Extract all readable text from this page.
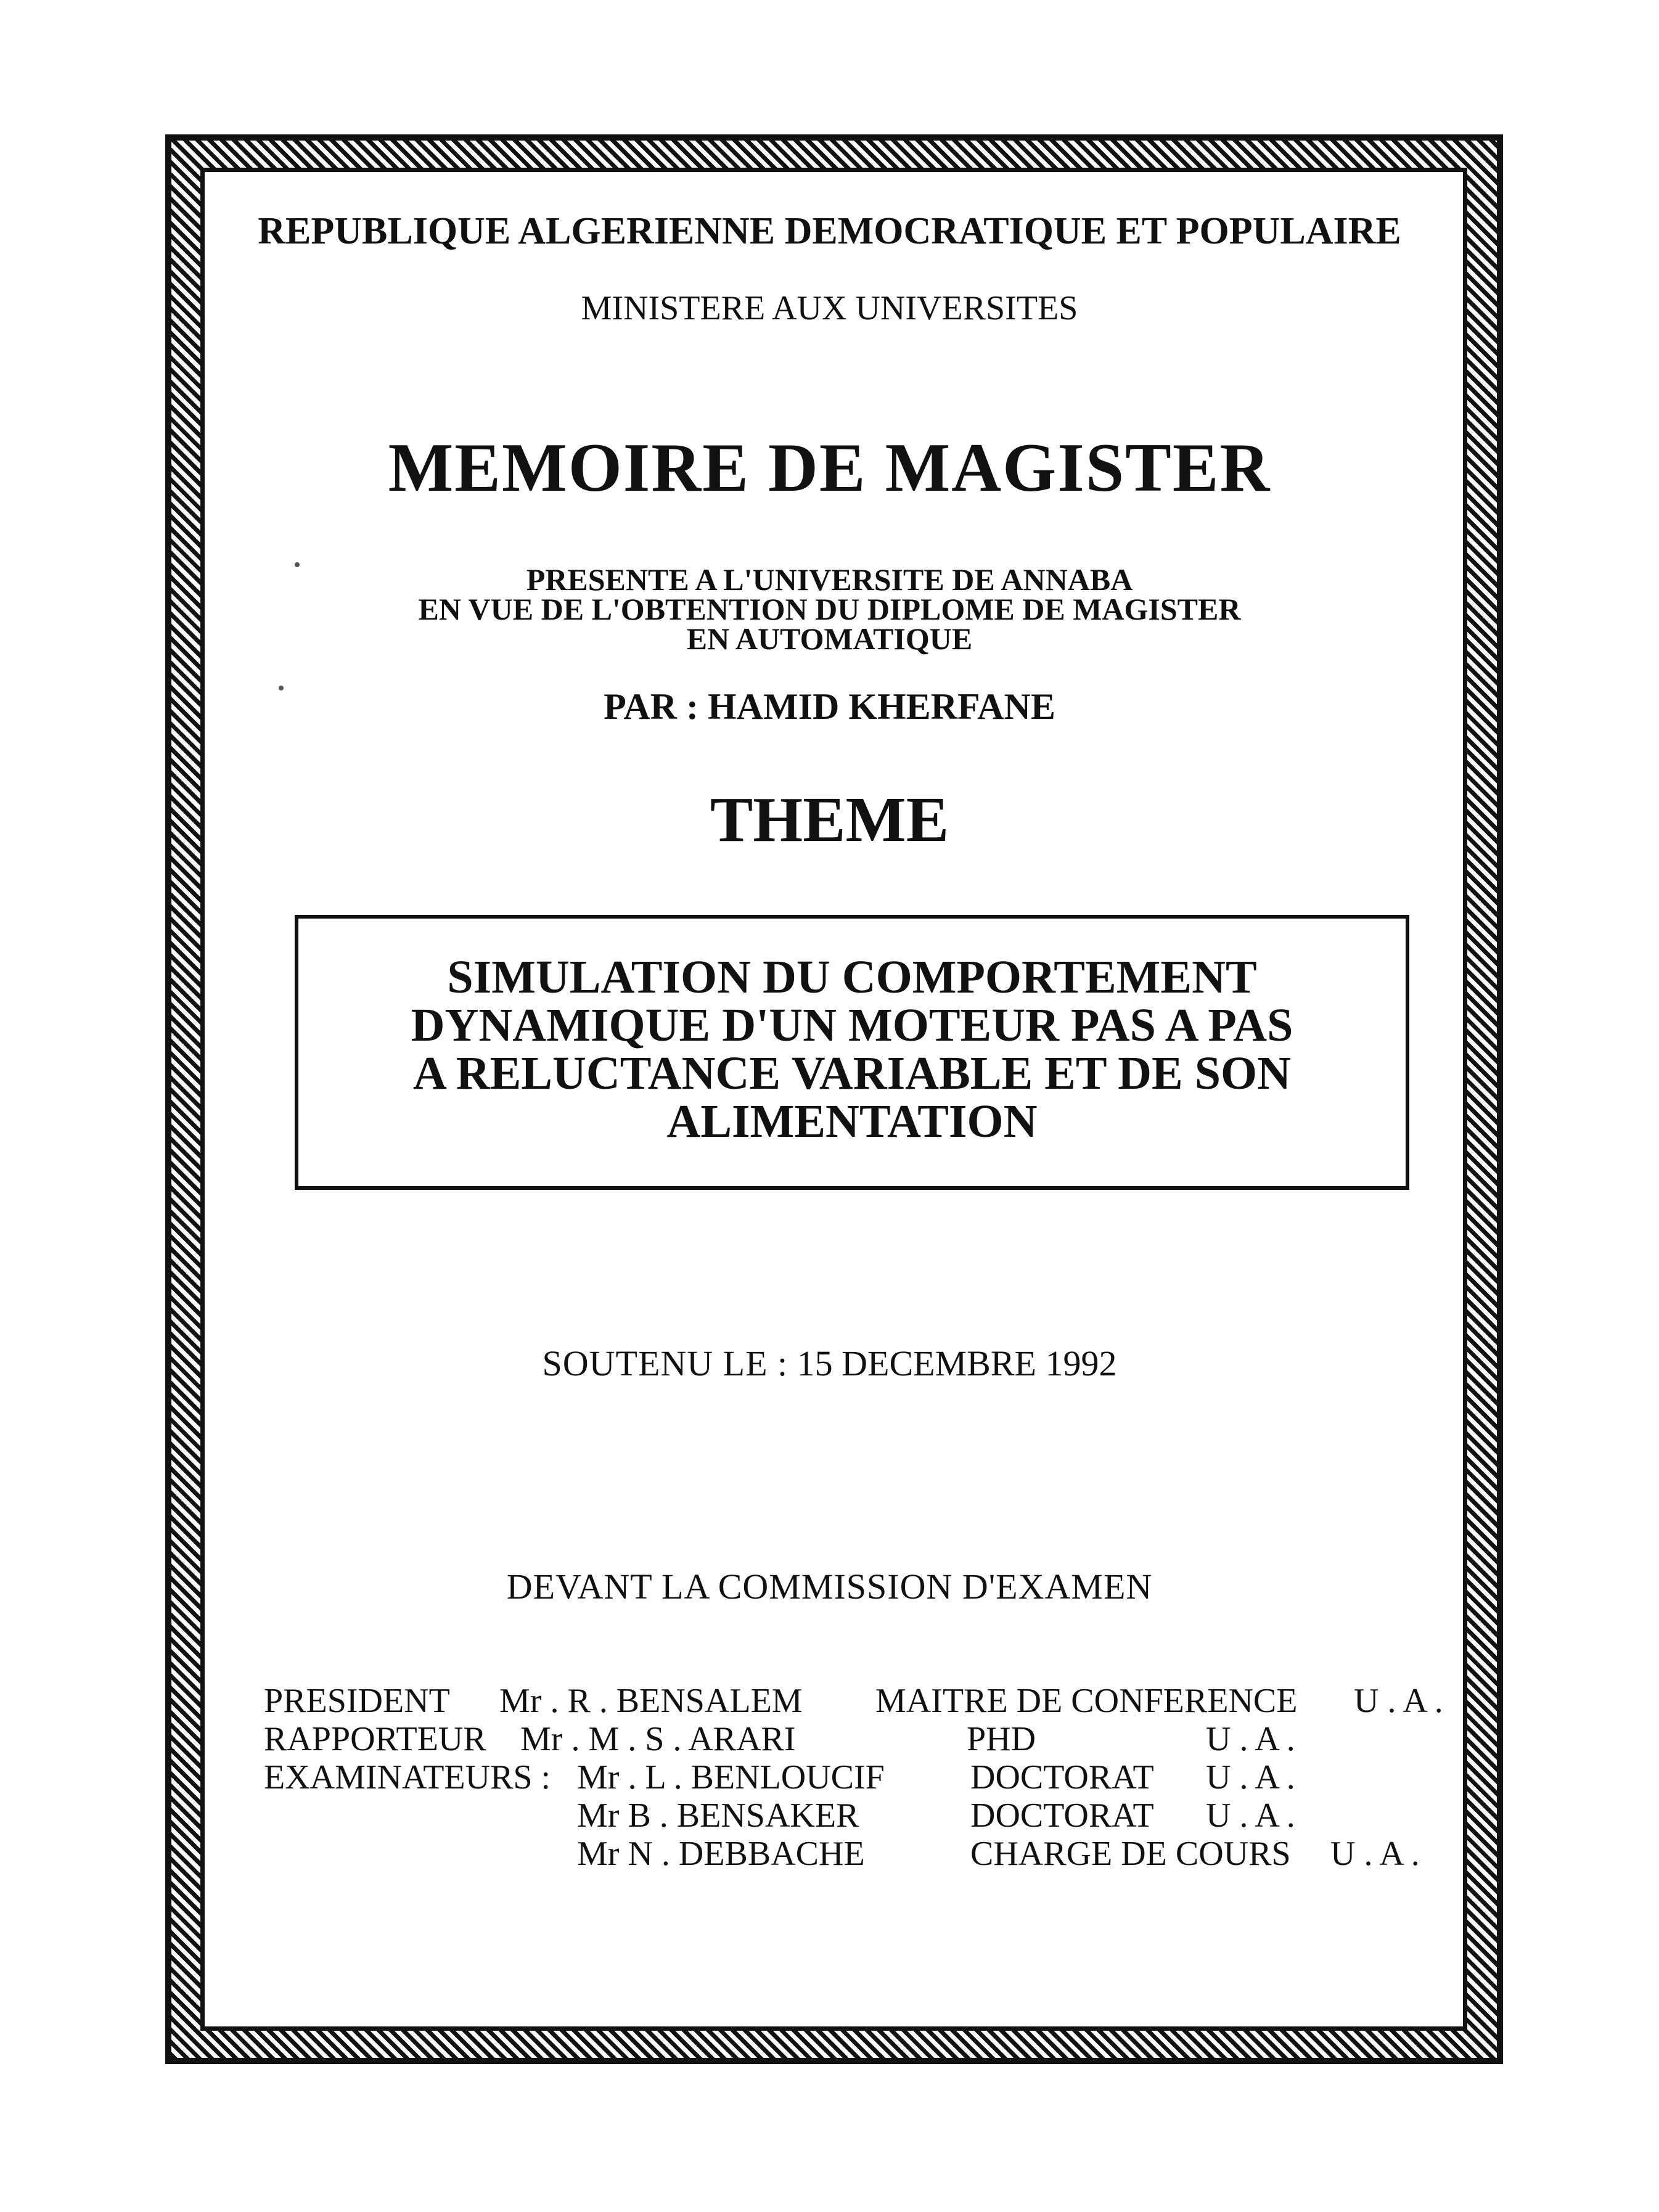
REPUBLIQUE ALGERIENNE DEMOCRATIQUE ET POPULAIRE

MINISTERE AUX UNIVERSITES

MEMOIRE DE MAGISTER

PRESENTE A L'UNIVERSITE DE ANNABA

EN VUE DE L'OBTENTION DU DIPLOME DE MAGISTER

EN AUTOMATIQUE

PAR : HAMID KHERFANE

THEME

SIMULATION DU COMPORTEMENT

DYNAMIQUE D'UN MOTEUR PAS A PAS

A RELUCTANCE VARIABLE ET DE SON

ALIMENTATION

SOUTENU LE : 15 DECEMBRE 1992

DEVANT LA COMMISSION D'EXAMEN

PRESIDENT Mr . R . BENSALEM MAITRE DE CONFERENCE U . A .
RAPPORTEUR Mr . M . S . ARARI	PHD	U . A .
EXAMINATEURS : Mr . L . BENLOUCIF DOCTORAT U . A .
Mr B . BENSAKER	DOCTORAT U . A .
Mr N . DEBBACHE	CHARGE DE COURS U . A .
